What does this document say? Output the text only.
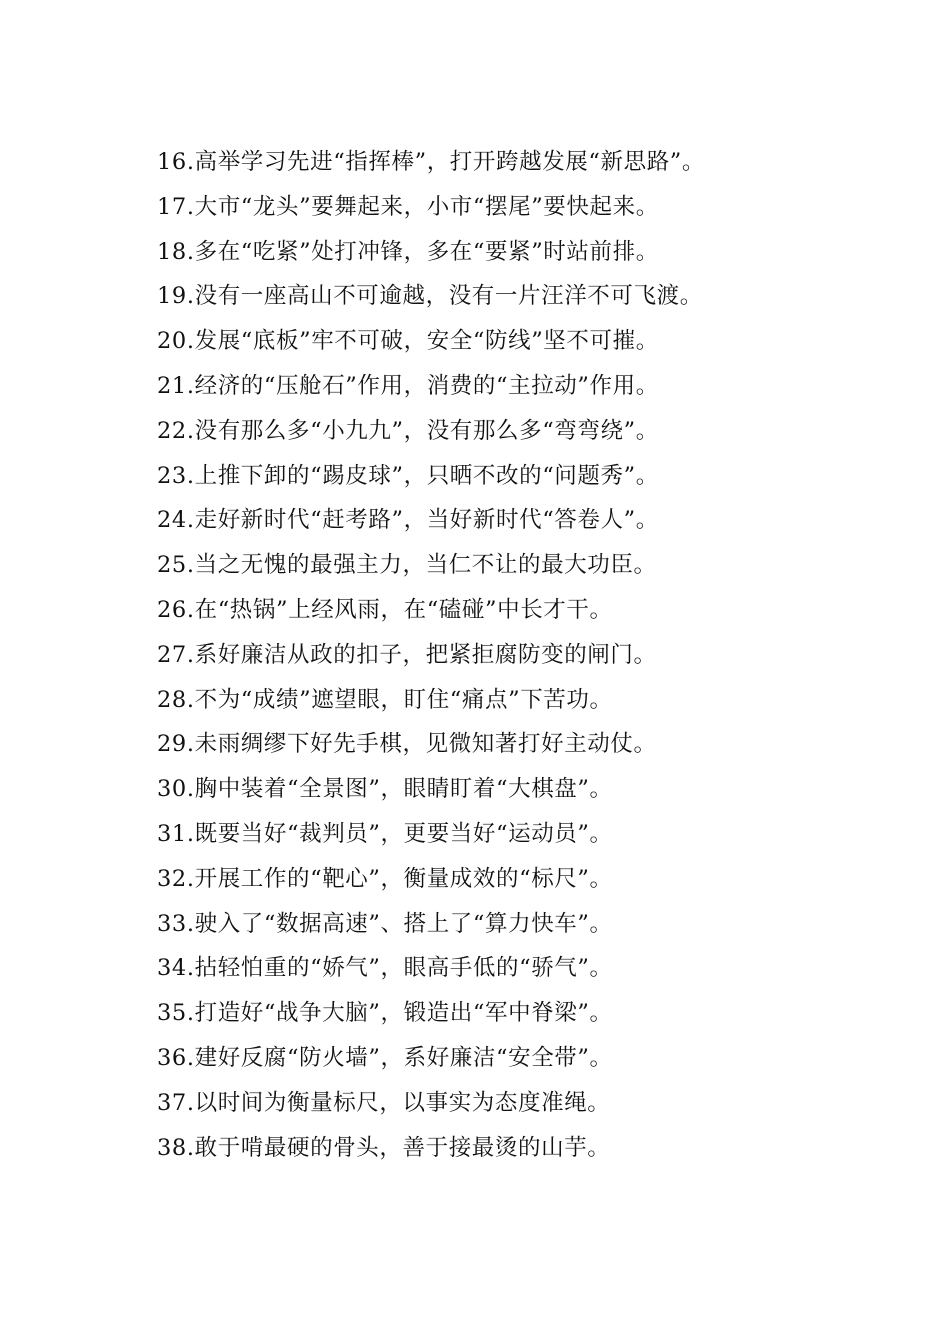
16. 高举学习先进“指挥棒”，打开跨越发展“新思路”。
17. 大市“龙头”要舞起来，小市“摆尾”要快起来。
18. 多在“吃紧”处打冲锋，多在“要紧”时站前排。
19. 没有一座高山不可逾越，没有一片汪洋不可飞渡。
20. 发展“底板”牢不可破，安全“防线”坚不可摧。
21. 经济的“压舱石”作用，消费的“主拉动”作用。
22. 没有那么多“小九九”，没有那么多“弯弯绕”。
23. 上推下卸的“踢皮球”，只晒不改的“问题秀”。
24. 走好新时代“赶考路”，当好新时代“答卷人”。
25. 当之无愧的最强主力，当仁不让的最大功臣。
26. 在“热锅”上经风雨，在“磕碰”中长才干。
27. 系好廉洁从政的扣子，把紧拒腐防变的闸门。
28. 不为“成绩”遮望眼，盯住“痛点”下苦功。
29. 未雨绸缪下好先手棋，见微知著打好主动仗。
30. 胸中装着“全景图”，眼睛盯着“大棋盘”。
31. 既要当好“裁判员”，更要当好“运动员”。
32. 开展工作的“靶心”，衡量成效的“标尺”。
33. 驶入了“数据高速”、搭上了“算力快车”。
34. 拈轻怕重的“娇气”，眼高手低的“骄气”。
35. 打造好“战争大脑”，锻造出“军中脊梁”。
36. 建好反腐“防火墙”，系好廉洁“安全带”。
37. 以时间为衡量标尺，以事实为态度准绳。
38. 敢于啃最硬的骨头，善于接最烫的山芋。
